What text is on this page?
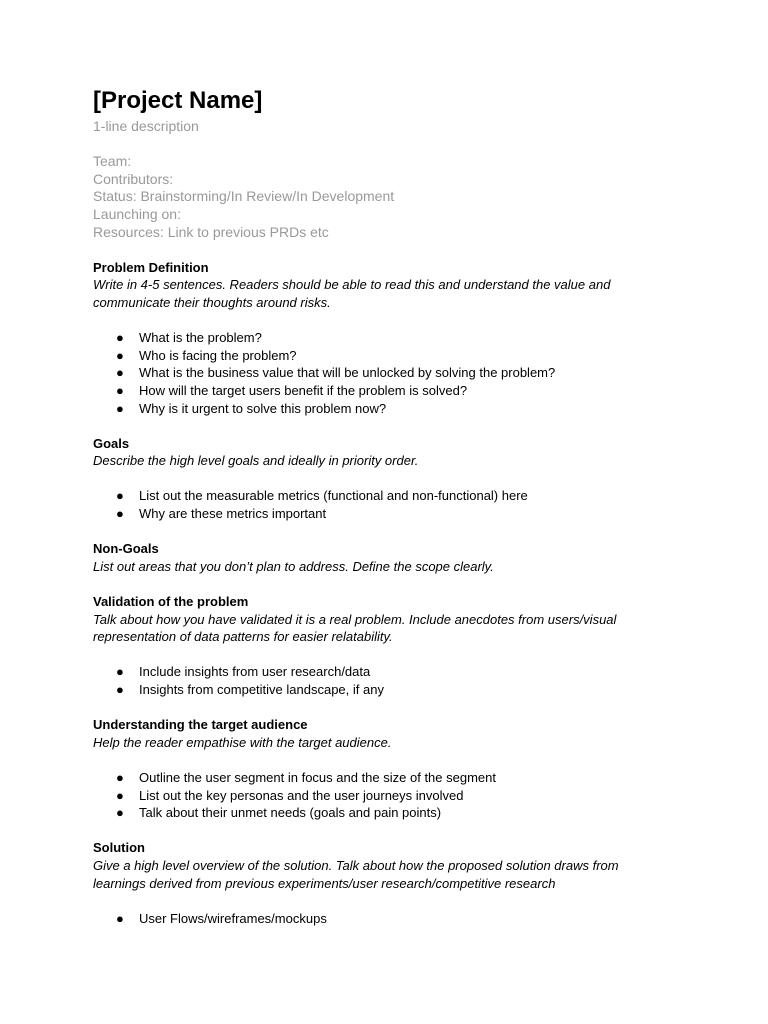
[Project Name]
1-line description
Team:
Contributors:
Status: Brainstorming/In Review/In Development
Launching on:
Resources: Link to previous PRDs etc
Problem Definition
Write in 4-5 sentences. Readers should be able to read this and understand the value and communicate their thoughts around risks.
● What is the problem?
● Who is facing the problem?
● What is the business value that will be unlocked by solving the problem?
● How will the target users benefit if the problem is solved?
● Why is it urgent to solve this problem now?
Goals
Describe the high level goals and ideally in priority order.
● List out the measurable metrics (functional and non-functional) here
● Why are these metrics important
Non-Goals
List out areas that you don’t plan to address. Define the scope clearly.
Validation of the problem
Talk about how you have validated it is a real problem. Include anecdotes from users/visual representation of data patterns for easier relatability.
● Include insights from user research/data
● Insights from competitive landscape, if any
Understanding the target audience
Help the reader empathise with the target audience.
● Outline the user segment in focus and the size of the segment
● List out the key personas and the user journeys involved
● Talk about their unmet needs (goals and pain points)
Solution
Give a high level overview of the solution. Talk about how the proposed solution draws from learnings derived from previous experiments/user research/competitive research
● User Flows/wireframes/mockups
